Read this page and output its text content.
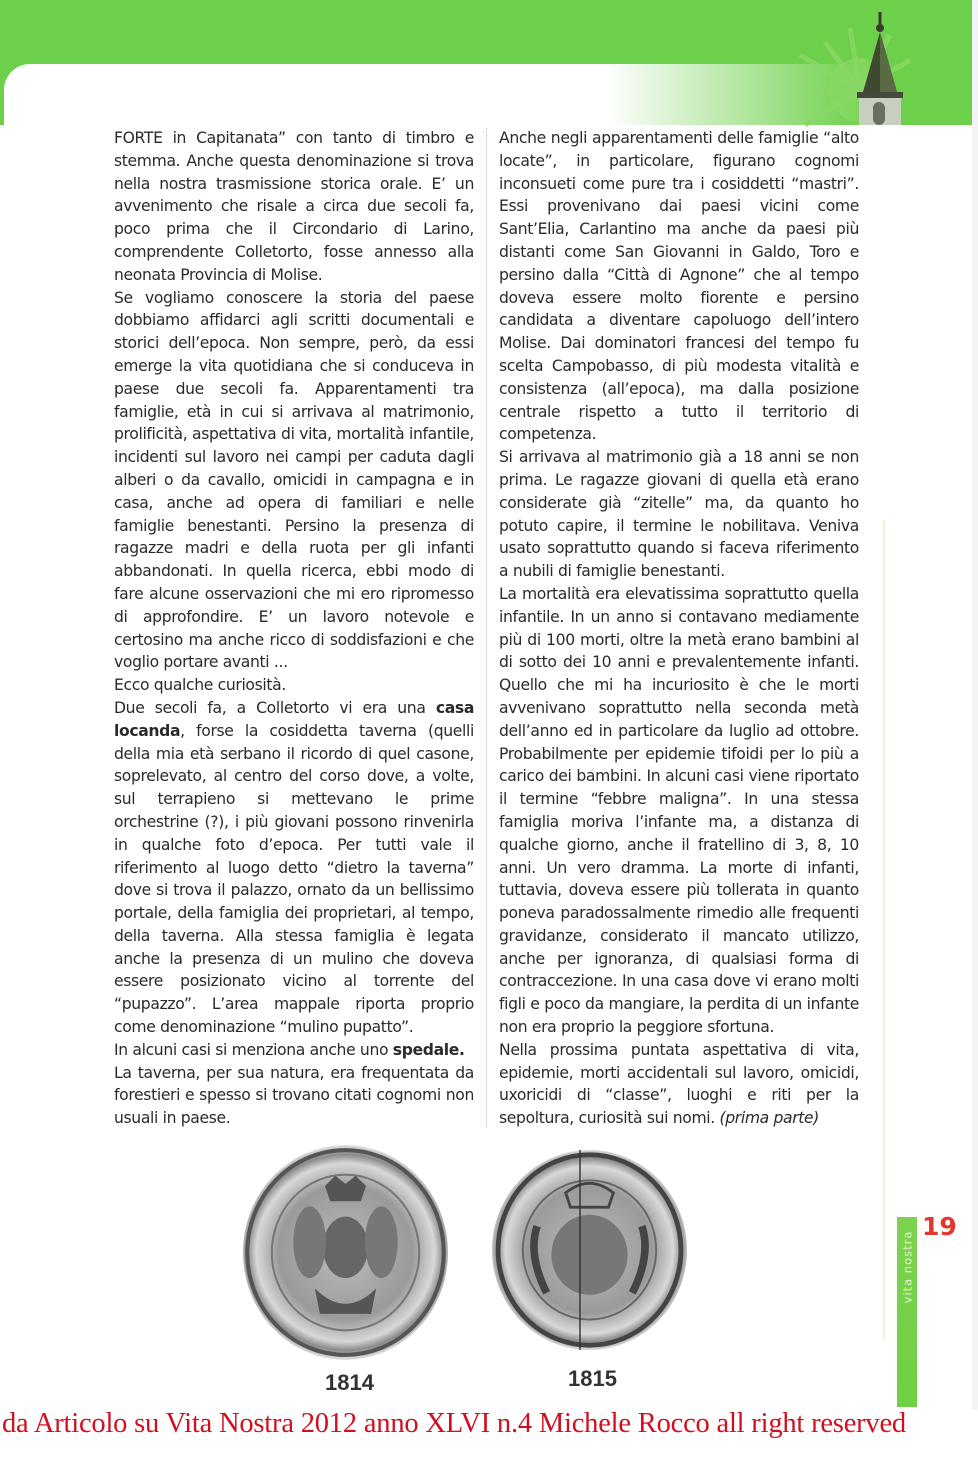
FORTE in Capitanata” con tanto di timbro e stemma. Anche questa denominazione si trova nella nostra trasmissione storica orale. E’ un avvenimento che risale a circa due secoli fa, poco prima che il Circondario di Larino, comprendente Colletorto, fosse annesso alla neonata Provincia di Molise.

Se vogliamo conoscere la storia del paese dobbiamo affidarci agli scritti documentali e storici dell’epoca. Non sempre, però, da essi emerge la vita quotidiana che si conduceva in paese due secoli fa. Apparentamenti tra famiglie, età in cui si arrivava al matrimonio, prolificità, aspettativa di vita, mortalità infantile, incidenti sul lavoro nei campi per caduta dagli alberi o da cavallo, omicidi in campagna e in casa, anche ad opera di familiari e nelle famiglie benestanti. Persino la presenza di ragazze madri e della ruota per gli infanti abbandonati. In quella ricerca, ebbi modo di fare alcune osservazioni che mi ero ripromesso di approfondire. E’ un lavoro notevole e certosino ma anche ricco di soddisfazioni e che voglio portare avanti ...

Ecco qualche curiosità.

Due secoli fa, a Colletorto vi era una casa locanda, forse la cosiddetta taverna (quelli della mia età serbano il ricordo di quel casone, soprelevato, al centro del corso dove, a volte, sul terrapieno si mettevano le prime orchestrine (?), i più giovani possono rinvenirla in qualche foto d’epoca. Per tutti vale il riferimento al luogo detto “dietro la taverna” dove si trova il palazzo, ornato da un bellissimo portale, della famiglia dei proprietari, al tempo, della taverna. Alla stessa famiglia è legata anche la presenza di un mulino che doveva essere posizionato vicino al torrente del “pupazzo”. L’area mappale riporta proprio come denominazione “mulino pupatto”.

In alcuni casi si menziona anche uno spedale.

La taverna, per sua natura, era frequentata da forestieri e spesso si trovano citati cognomi non usuali in paese.

Anche negli apparentamenti delle famiglie “alto locate”, in particolare, figurano cognomi inconsueti come pure tra i cosiddetti “mastri”. Essi provenivano dai paesi vicini come Sant’Elia, Carlantino ma anche da paesi più distanti come San Giovanni in Galdo, Toro e persino dalla “Città di Agnone” che al tempo doveva essere molto fiorente e persino candidata a diventare capoluogo dell’intero Molise. Dai dominatori francesi del tempo fu scelta Campobasso, di più modesta vitalità e consistenza (all’epoca), ma dalla posizione centrale rispetto a tutto il territorio di competenza.

Si arrivava al matrimonio già a 18 anni se non prima. Le ragazze giovani di quella età erano considerate già “zitelle” ma, da quanto ho potuto capire, il termine le nobilitava. Veniva usato soprattutto quando si faceva riferimento a nubili di famiglie benestanti.

La mortalità era elevatissima soprattutto quella infantile. In un anno si contavano mediamente più di 100 morti, oltre la metà erano bambini al di sotto dei 10 anni e prevalentemente infanti. Quello che mi ha incuriosito è che le morti avvenivano soprattutto nella seconda metà dell’anno ed in particolare da luglio ad ottobre. Probabilmente per epidemie tifoidi per lo più a carico dei bambini. In alcuni casi viene riportato il termine “febbre maligna”. In una stessa famiglia moriva l’infante ma, a distanza di qualche giorno, anche il fratellino di 3, 8, 10 anni. Un vero dramma. La morte di infanti, tuttavia, doveva essere più tollerata in quanto poneva paradossalmente rimedio alle frequenti gravidanze, considerato il mancato utilizzo, anche per ignoranza, di qualsiasi forma di contraccezione. In una casa dove vi erano molti figli e poco da mangiare, la perdita di un infante non era proprio la peggiore sfortuna.

Nella prossima puntata aspettativa di vita, epidemie, morti accidentali sul lavoro, omicidi, uxoricidi di “classe”, luoghi e riti per la sepoltura, curiosità sui nomi. (prima parte)

1814	1815
vita nostra
19
da Articolo su Vita Nostra 2012 anno XLVI n.4 Michele Rocco all right reserved
